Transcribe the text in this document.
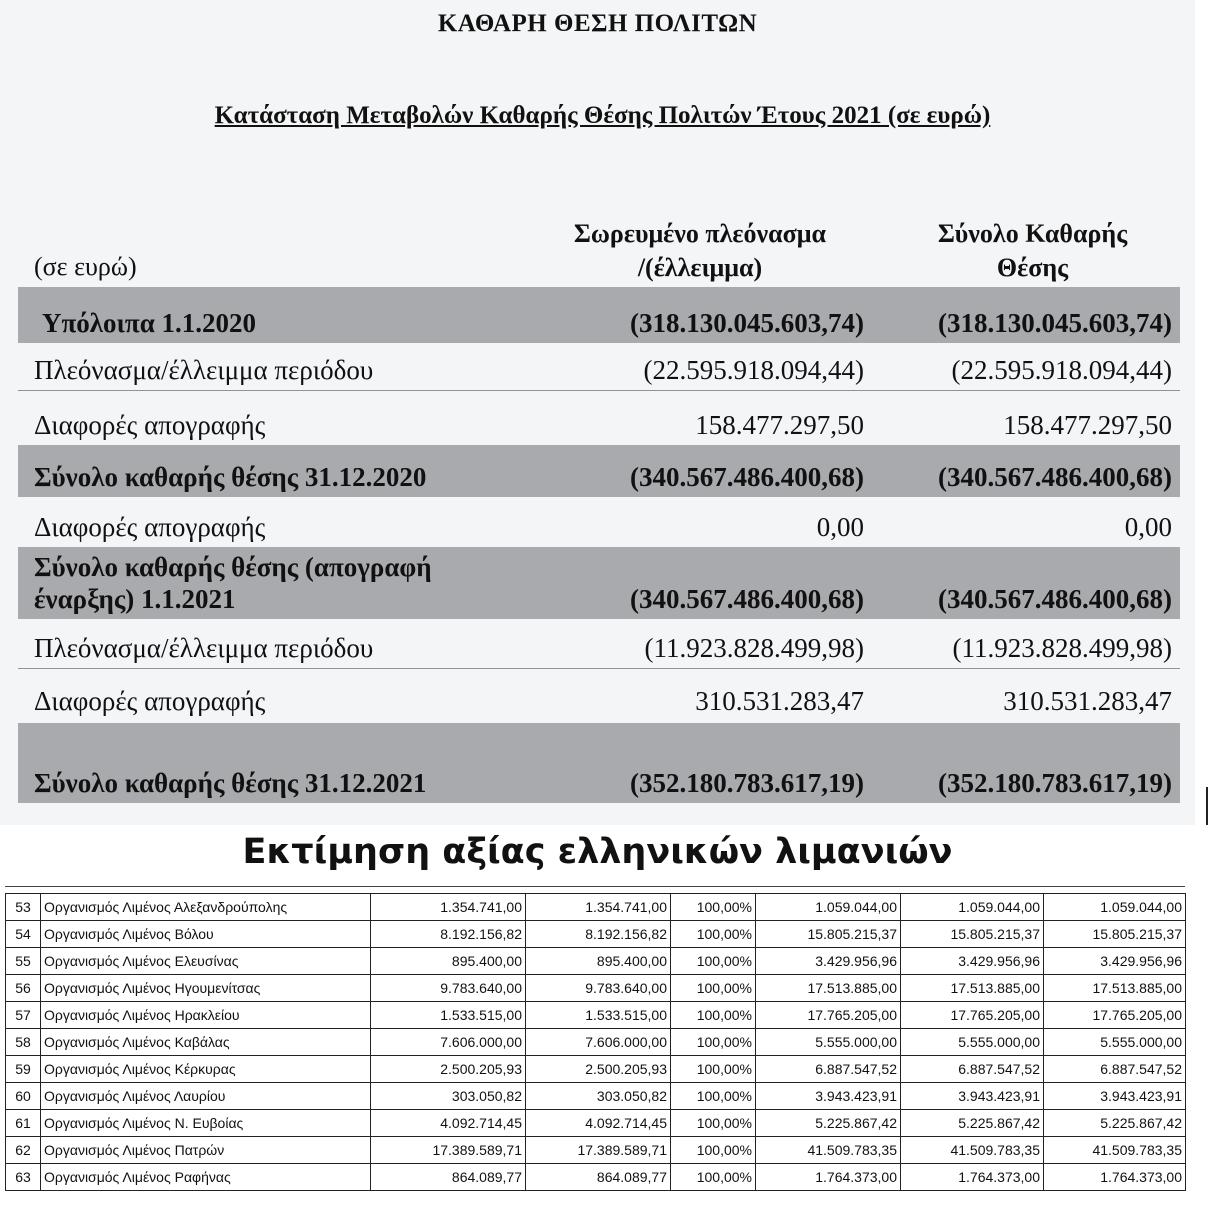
ΚΑΘΑΡΗ ΘΕΣΗ ΠΟΛΙΤΩΝ
Κατάσταση Μεταβολών Καθαρής Θέσης Πολιτών Έτους 2021 (σε ευρώ)
(σε ευρώ)
Σωρευμένο πλεόνασμα
/(έλλειμμα)
Σύνολο Καθαρής
Θέσης
Υπόλοιπα 1.1.2020	(318.130.045.603,74)	(318.130.045.603,74)
Πλεόνασμα/έλλειμμα περιόδου	(22.595.918.094,44)	(22.595.918.094,44)
Διαφορές απογραφής	158.477.297,50	158.477.297,50
Σύνολο καθαρής θέσης 31.12.2020	(340.567.486.400,68)	(340.567.486.400,68)
Διαφορές απογραφής	0,00	0,00
Σύνολο καθαρής θέσης (απογραφή
έναρξης) 1.1.2021	(340.567.486.400,68)	(340.567.486.400,68)
Πλεόνασμα/έλλειμμα περιόδου	(11.923.828.499,98)	(11.923.828.499,98)
Διαφορές απογραφής	310.531.283,47	310.531.283,47
Σύνολο καθαρής θέσης 31.12.2021	(352.180.783.617,19)	(352.180.783.617,19)
Εκτίμηση αξίας ελληνικών λιμανιών
53	Οργανισμός Λιμένος Αλεξανδρούπολης	1.354.741,00	1.354.741,00	100,00%	1.059.044,00	1.059.044,00	1.059.044,00
54	Οργανισμός Λιμένος Βόλου	8.192.156,82	8.192.156,82	100,00%	15.805.215,37	15.805.215,37	15.805.215,37
55	Οργανισμός Λιμένος Ελευσίνας	895.400,00	895.400,00	100,00%	3.429.956,96	3.429.956,96	3.429.956,96
56	Οργανισμός Λιμένος Ηγουμενίτσας	9.783.640,00	9.783.640,00	100,00%	17.513.885,00	17.513.885,00	17.513.885,00
57	Οργανισμός Λιμένος Ηρακλείου	1.533.515,00	1.533.515,00	100,00%	17.765.205,00	17.765.205,00	17.765.205,00
58	Οργανισμός Λιμένος Καβάλας	7.606.000,00	7.606.000,00	100,00%	5.555.000,00	5.555.000,00	5.555.000,00
59	Οργανισμός Λιμένος Κέρκυρας	2.500.205,93	2.500.205,93	100,00%	6.887.547,52	6.887.547,52	6.887.547,52
60	Οργανισμός Λιμένος Λαυρίου	303.050,82	303.050,82	100,00%	3.943.423,91	3.943.423,91	3.943.423,91
61	Οργανισμός Λιμένος Ν. Ευβοίας	4.092.714,45	4.092.714,45	100,00%	5.225.867,42	5.225.867,42	5.225.867,42
62	Οργανισμός Λιμένος Πατρών	17.389.589,71	17.389.589,71	100,00%	41.509.783,35	41.509.783,35	41.509.783,35
63	Οργανισμός Λιμένος Ραφήνας	864.089,77	864.089,77	100,00%	1.764.373,00	1.764.373,00	1.764.373,00
